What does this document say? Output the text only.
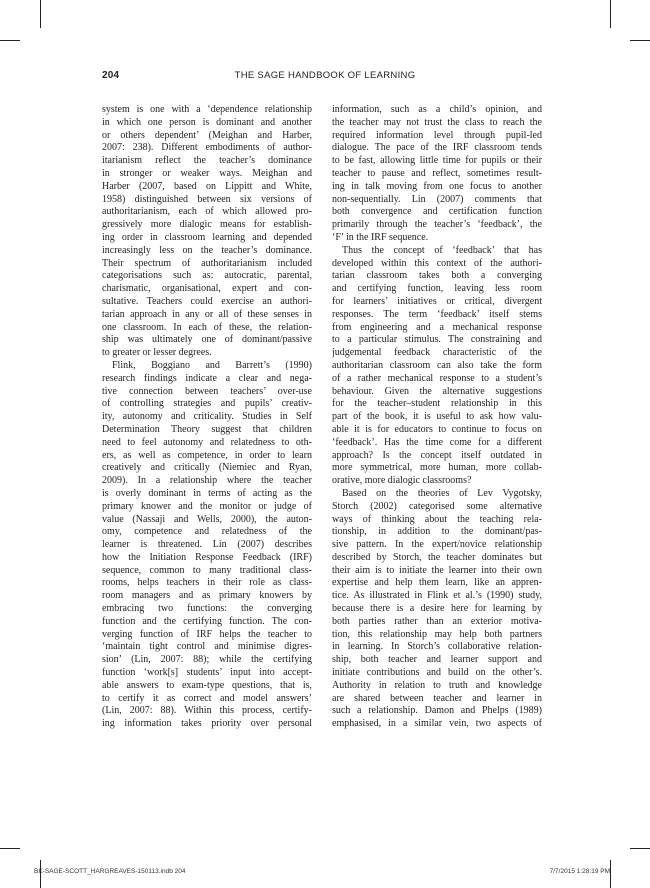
204	THE SAGE HANDBOOK OF LEARNING
system is one with a ‘dependence relationship
in which one person is dominant and another
or others dependent’ (Meighan and Harber,
2007: 238). Different embodiments of author-
itarianism reflect the teacher’s dominance
in stronger or weaker ways. Meighan and
Harber (2007, based on Lippitt and White,
1958) distinguished between six versions of
authoritarianism, each of which allowed pro-
gressively more dialogic means for establish-
ing order in classroom learning and depended
increasingly less on the teacher’s dominance.
Their spectrum of authoritarianism included
categorisations such as: autocratic, parental,
charismatic, organisational, expert and con-
sultative. Teachers could exercise an authori-
tarian approach in any or all of these senses in
one classroom. In each of these, the relation-
ship was ultimately one of dominant/passive
to greater or lesser degrees.
Flink, Boggiano and Barrett’s (1990)
research findings indicate a clear and nega-
tive connection between teachers’ over-use
of controlling strategies and pupils’ creativ-
ity, autonomy and criticality. Studies in Self
Determination Theory suggest that children
need to feel autonomy and relatedness to oth-
ers, as well as competence, in order to learn
creatively and critically (Niemiec and Ryan,
2009). In a relationship where the teacher
is overly dominant in terms of acting as the
primary knower and the monitor or judge of
value (Nassaji and Wells, 2000), the auton-
omy, competence and relatedness of the
learner is threatened. Lin (2007) describes
how the Initiation Response Feedback (IRF)
sequence, common to many traditional class-
rooms, helps teachers in their role as class-
room managers and as primary knowers by
embracing two functions: the converging
function and the certifying function. The con-
verging function of IRF helps the teacher to
‘maintain tight control and minimise digres-
sion’ (Lin, 2007: 88); while the certifying
function ‘work[s] students’ input into accept-
able answers to exam-type questions, that is,
to certify it as correct and model answers’
(Lin, 2007: 88). Within this process, certify-
ing information takes priority over personal
information, such as a child’s opinion, and
the teacher may not trust the class to reach the
required information level through pupil-led
dialogue. The pace of the IRF classroom tends
to be fast, allowing little time for pupils or their
teacher to pause and reflect, sometimes result-
ing in talk moving from one focus to another
non-sequentially. Lin (2007) comments that
both convergence and certification function
primarily through the teacher’s ‘feedback’, the
‘F’ in the IRF sequence.
Thus the concept of ‘feedback’ that has
developed within this context of the authori-
tarian classroom takes both a converging
and certifying function, leaving less room
for learners’ initiatives or critical, divergent
responses. The term ‘feedback’ itself stems
from engineering and a mechanical response
to a particular stimulus. The constraining and
judgemental feedback characteristic of the
authoritarian classroom can also take the form
of a rather mechanical response to a student’s
behaviour. Given the alternative suggestions
for the teacher–student relationship in this
part of the book, it is useful to ask how valu-
able it is for educators to continue to focus on
‘feedback’. Has the time come for a different
approach? Is the concept itself outdated in
more symmetrical, more human, more collab-
orative, more dialogic classrooms?
Based on the theories of Lev Vygotsky,
Storch (2002) categorised some alternative
ways of thinking about the teaching rela-
tionship, in addition to the dominant/pas-
sive pattern. In the expert/novice relationship
described by Storch, the teacher dominates but
their aim is to initiate the learner into their own
expertise and help them learn, like an appren-
tice. As illustrated in Flink et al.’s (1990) study,
because there is a desire here for learning by
both parties rather than an exterior motiva-
tion, this relationship may help both partners
in learning. In Storch’s collaborative relation-
ship, both teacher and learner support and
initiate contributions and build on the other’s.
Authority in relation to truth and knowledge
are shared between teacher and learner in
such a relationship. Damon and Phelps (1989)
emphasised, in a similar vein, two aspects of
BK-SAGE-SCOTT_HARGREAVES-150113.indb 204	7/7/2015 1:28:19 PM
